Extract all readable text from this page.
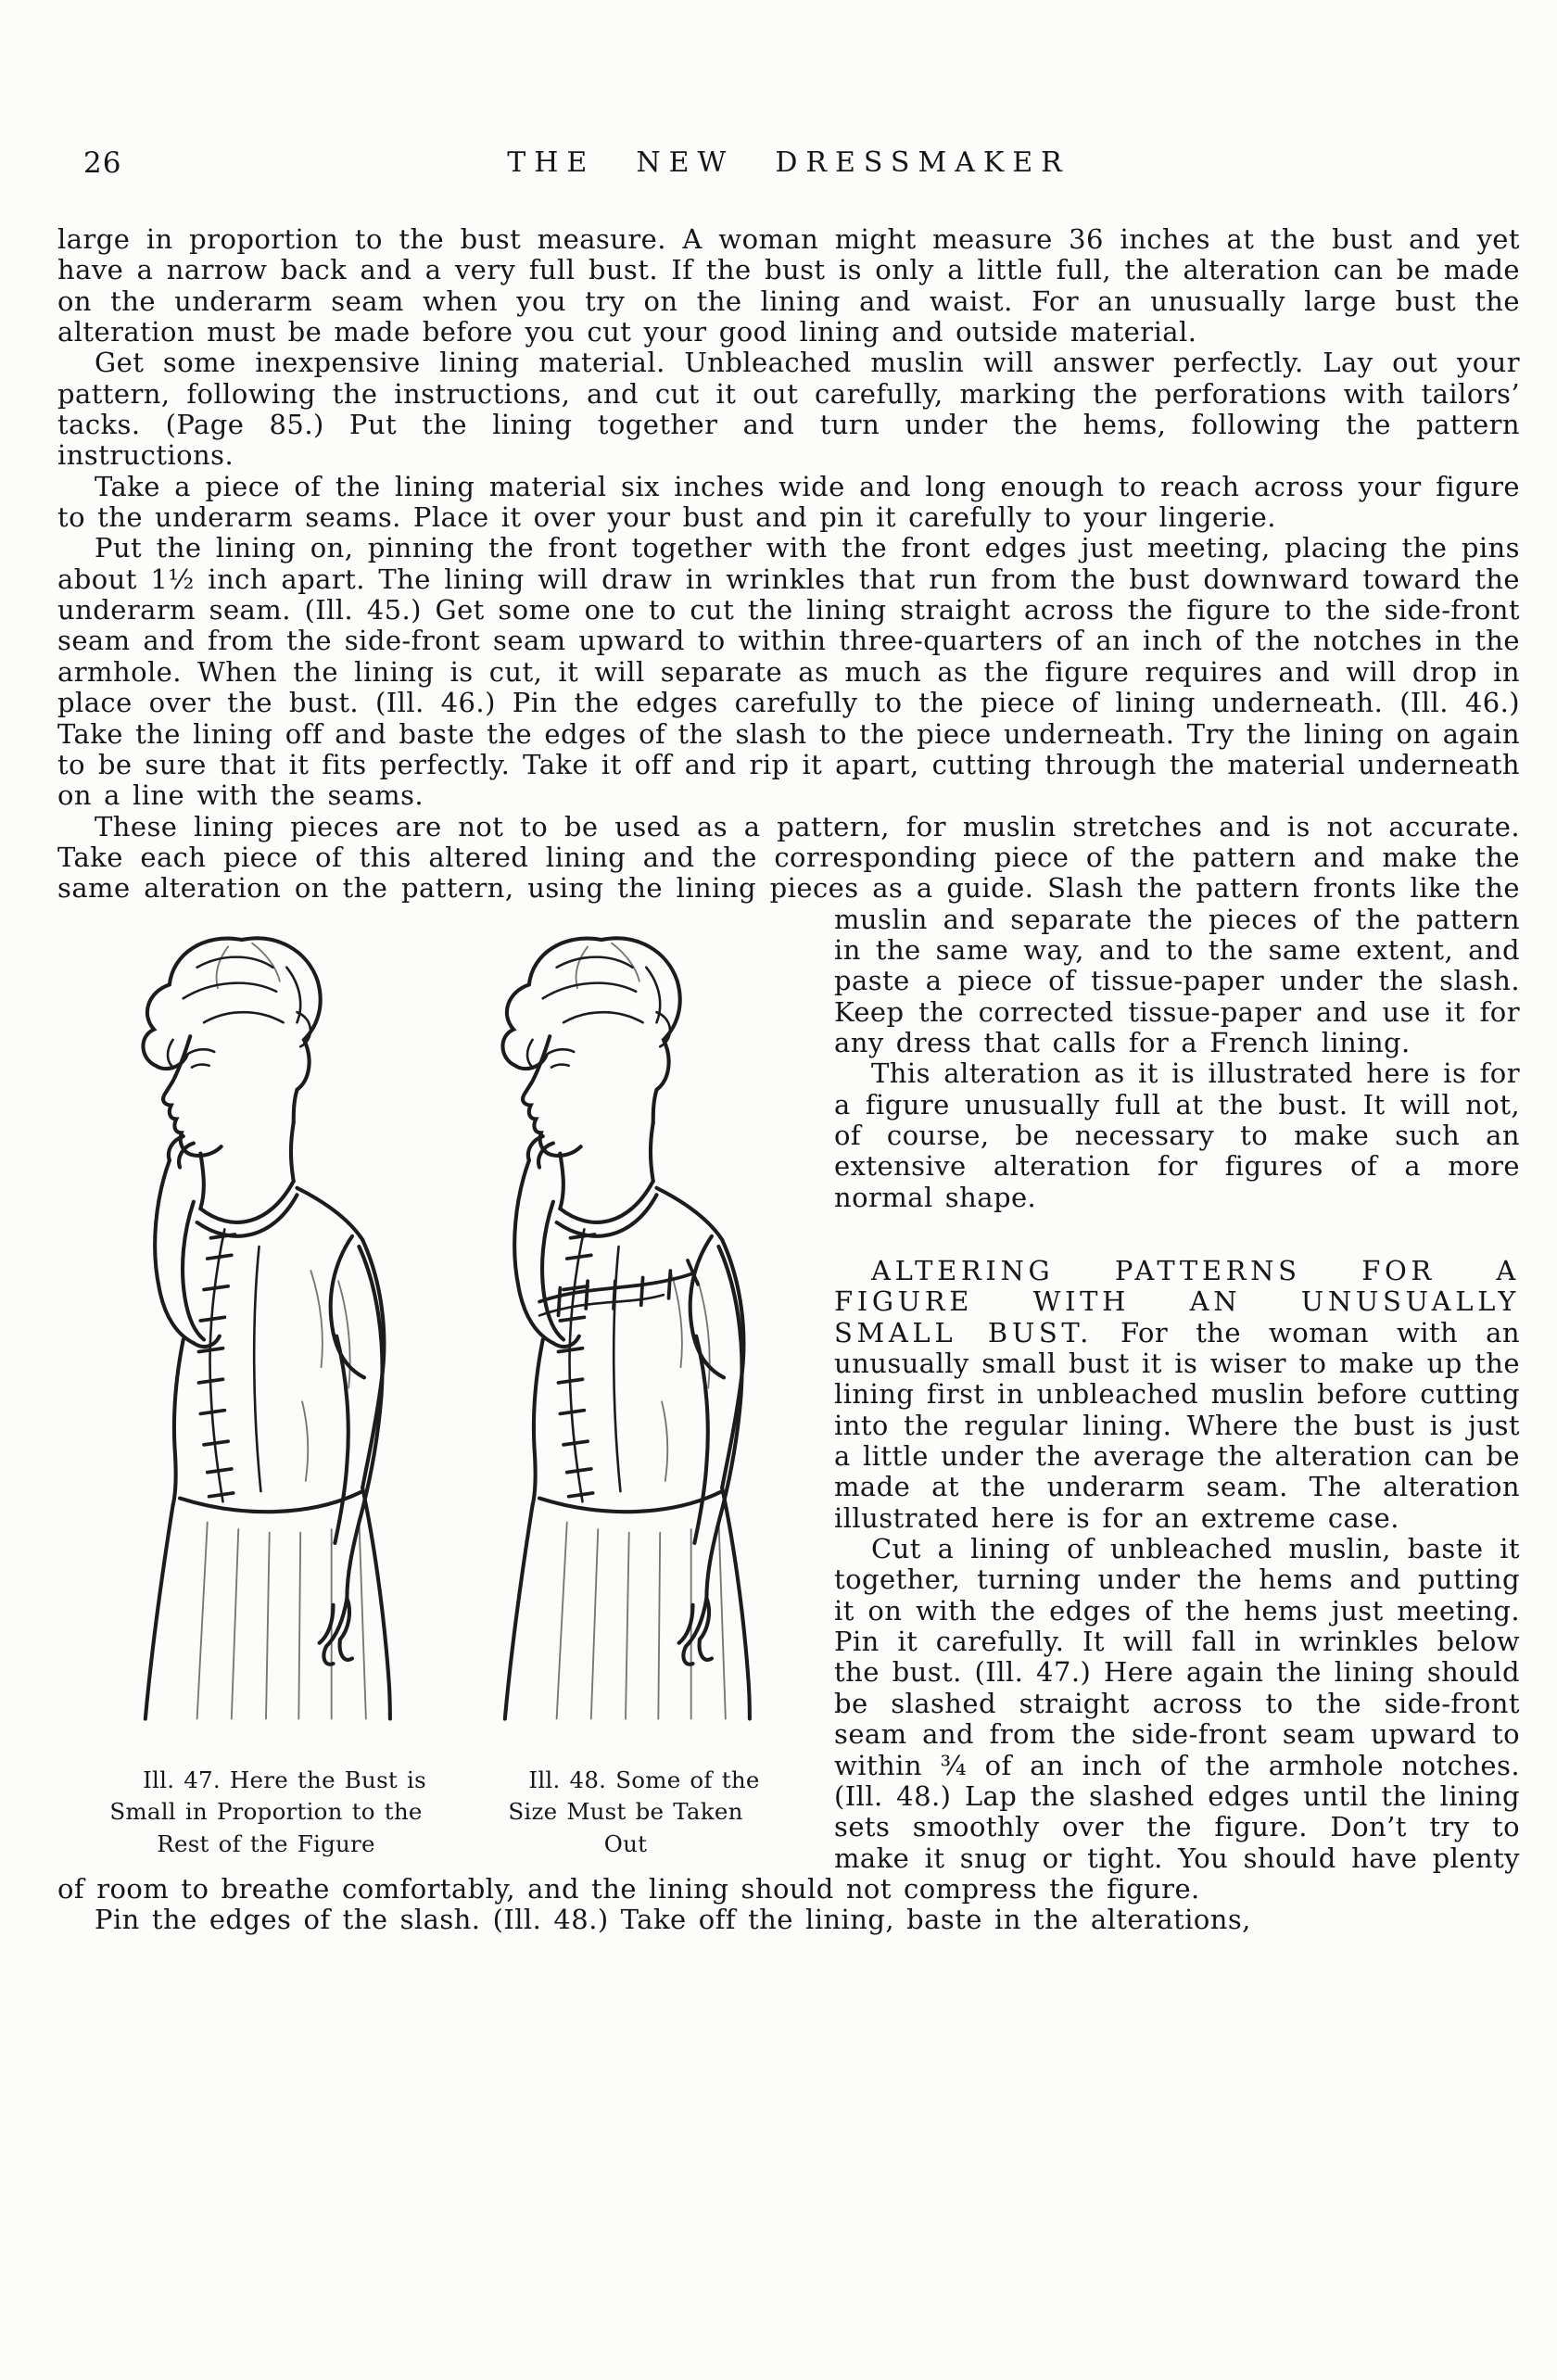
26	THE NEW DRESSMAKER
large in proportion to the bust measure. A woman might measure 36 inches at the bust and yet have a narrow back and a very full bust. If the bust is only a little full, the alteration can be made on the underarm seam when you try on the lining and waist. For an unusually large bust the alteration must be made before you cut your good lining and outside material.
Get some inexpensive lining material. Unbleached muslin will answer perfectly. Lay out your pattern, following the instructions, and cut it out carefully, marking the perforations with tailors’ tacks. (Page 85.) Put the lining together and turn under the hems, following the pattern instructions.
Take a piece of the lining material six inches wide and long enough to reach across your figure to the underarm seams. Place it over your bust and pin it carefully to your lingerie.
Put the lining on, pinning the front together with the front edges just meeting, placing the pins about 1½ inch apart. The lining will draw in wrinkles that run from the bust downward toward the underarm seam. (Ill. 45.) Get some one to cut the lining straight across the figure to the side-front seam and from the side-front seam upward to within three-quarters of an inch of the notches in the armhole. When the lining is cut, it will separate as much as the figure requires and will drop in place over the bust. (Ill. 46.) Pin the edges carefully to the piece of lining underneath. (Ill. 46.) Take the lining off and baste the edges of the slash to the piece underneath. Try the lining on again to be sure that it fits perfectly. Take it off and rip it apart, cutting through the material underneath on a line with the seams.
These lining pieces are not to be used as a pattern, for muslin stretches and is not accurate. Take each piece of this altered lining and the corresponding piece of the pattern and make the same alteration on the pattern, using the lining pieces as a guide.
Ill. 47. Here the Bust is Small in Proportion to the Rest of the Figure
Ill. 48. Some of the Size Must be Taken Out
Slash the pattern fronts like the muslin and separate the pieces of the pattern in the same way, and to the same extent, and paste a piece of tissue-paper under the slash. Keep the corrected tissue-paper and use it for any dress that calls for a French lining.
This alteration as it is illustrated here is for a figure unusually full at the bust. It will not, of course, be necessary to make such an extensive alteration for figures of a more normal shape.
ALTERING PATTERNS FOR A FIGURE WITH AN UNUSUALLY SMALL BUST. For the woman with an unusually small bust it is wiser to make up the lining first in unbleached muslin before cutting into the regular lining. Where the bust is just a little under the average the alteration can be made at the underarm seam. The alteration illustrated here is for an extreme case.
Cut a lining of unbleached muslin, baste it together, turning under the hems and putting it on with the edges of the hems just meeting. Pin it carefully. It will fall in wrinkles below the bust. (Ill. 47.) Here again the lining should be slashed straight across to the side-front seam and from the side-front seam upward to within ¾ of an inch of the armhole notches. (Ill. 48.) Lap the slashed edges until the lining sets smoothly over the figure. Don’t try to make it snug or tight. You should have plenty of room to breathe comfortably, and the lining should not compress the figure.
Pin the edges of the slash. (Ill. 48.) Take off the lining, baste in the alterations,
